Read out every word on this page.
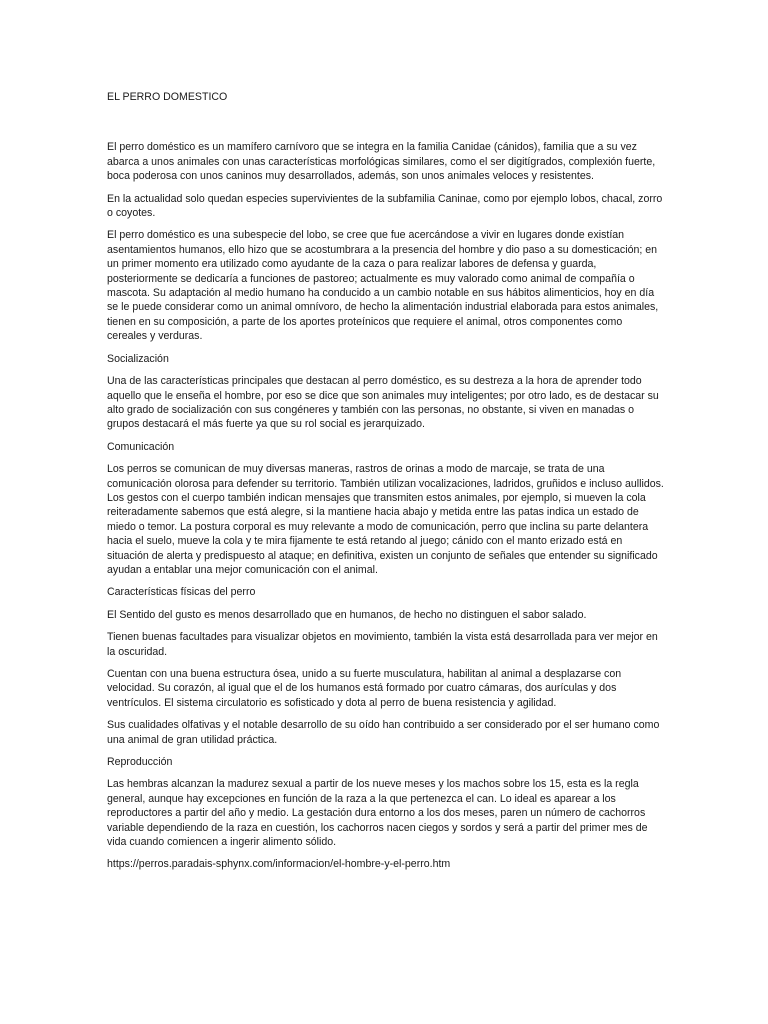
EL PERRO DOMESTICO

El perro doméstico es un mamífero carnívoro que se integra en la familia Canidae (cánidos), familia que a su vez abarca a unos animales con unas características morfológicas similares, como el ser digitígrados, complexión fuerte, boca poderosa con unos caninos muy desarrollados, además, son unos animales veloces y resistentes.

En la actualidad solo quedan especies supervivientes de la subfamilia Caninae, como por ejemplo lobos, chacal, zorro o coyotes.

El perro doméstico es una subespecie del lobo, se cree que fue acercándose a vivir en lugares donde existían asentamientos humanos, ello hizo que se acostumbrara a la presencia del hombre y dio paso a su domesticación; en un primer momento era utilizado como ayudante de la caza o para realizar labores de defensa y guarda, posteriormente se dedicaría a funciones de pastoreo; actualmente es muy valorado como animal de compañía o mascota. Su adaptación al medio humano ha conducido a un cambio notable en sus hábitos alimenticios, hoy en día se le puede considerar como un animal omnívoro, de hecho la alimentación industrial elaborada para estos animales, tienen en su composición, a parte de los aportes proteínicos que requiere el animal, otros componentes como cereales y verduras.

Socialización

Una de las características principales que destacan al perro doméstico, es su destreza a la hora de aprender todo aquello que le enseña el hombre, por eso se dice que son animales muy inteligentes; por otro lado, es de destacar su alto grado de socialización con sus congéneres y también con las personas, no obstante, si viven en manadas o grupos destacará el más fuerte ya que su rol social es jerarquizado.

Comunicación

Los perros se comunican de muy diversas maneras, rastros de orinas a modo de marcaje, se trata de una comunicación olorosa para defender su territorio. También utilizan vocalizaciones, ladridos, gruñidos e incluso aullidos. Los gestos con el cuerpo también indican mensajes que transmiten estos animales, por ejemplo, si mueven la cola reiteradamente sabemos que está alegre, si la mantiene hacia abajo y metida entre las patas indica un estado de miedo o temor. La postura corporal es muy relevante a modo de comunicación, perro que inclina su parte delantera hacia el suelo, mueve la cola y te mira fijamente te está retando al juego; cánido con el manto erizado está en situación de alerta y predispuesto al ataque; en definitiva, existen un conjunto de señales que entender su significado ayudan a entablar una mejor comunicación con el animal.

Características físicas del perro

El Sentido del gusto es menos desarrollado que en humanos, de hecho no distinguen el sabor salado.

Tienen buenas facultades para visualizar objetos en movimiento, también la vista está desarrollada para ver mejor en la oscuridad.

Cuentan con una buena estructura ósea, unido a su fuerte musculatura, habilitan al animal a desplazarse con velocidad. Su corazón, al igual que el de los humanos está formado por cuatro cámaras, dos aurículas y dos ventrículos. El sistema circulatorio es sofisticado y dota al perro de buena resistencia y agilidad.

Sus cualidades olfativas y el notable desarrollo de su oído han contribuido a ser considerado por el ser humano como una animal de gran utilidad práctica.

Reproducción

Las hembras alcanzan la madurez sexual a partir de los nueve meses y los machos sobre los 15, esta es la regla general, aunque hay excepciones en función de la raza a la que pertenezca el can. Lo ideal es aparear a los reproductores a partir del año y medio. La gestación dura entorno a los dos meses, paren un número de cachorros variable dependiendo de la raza en cuestión, los cachorros nacen ciegos y sordos y será a partir del primer mes de vida cuando comiencen a ingerir alimento sólido.

https://perros.paradais-sphynx.com/informacion/el-hombre-y-el-perro.htm
